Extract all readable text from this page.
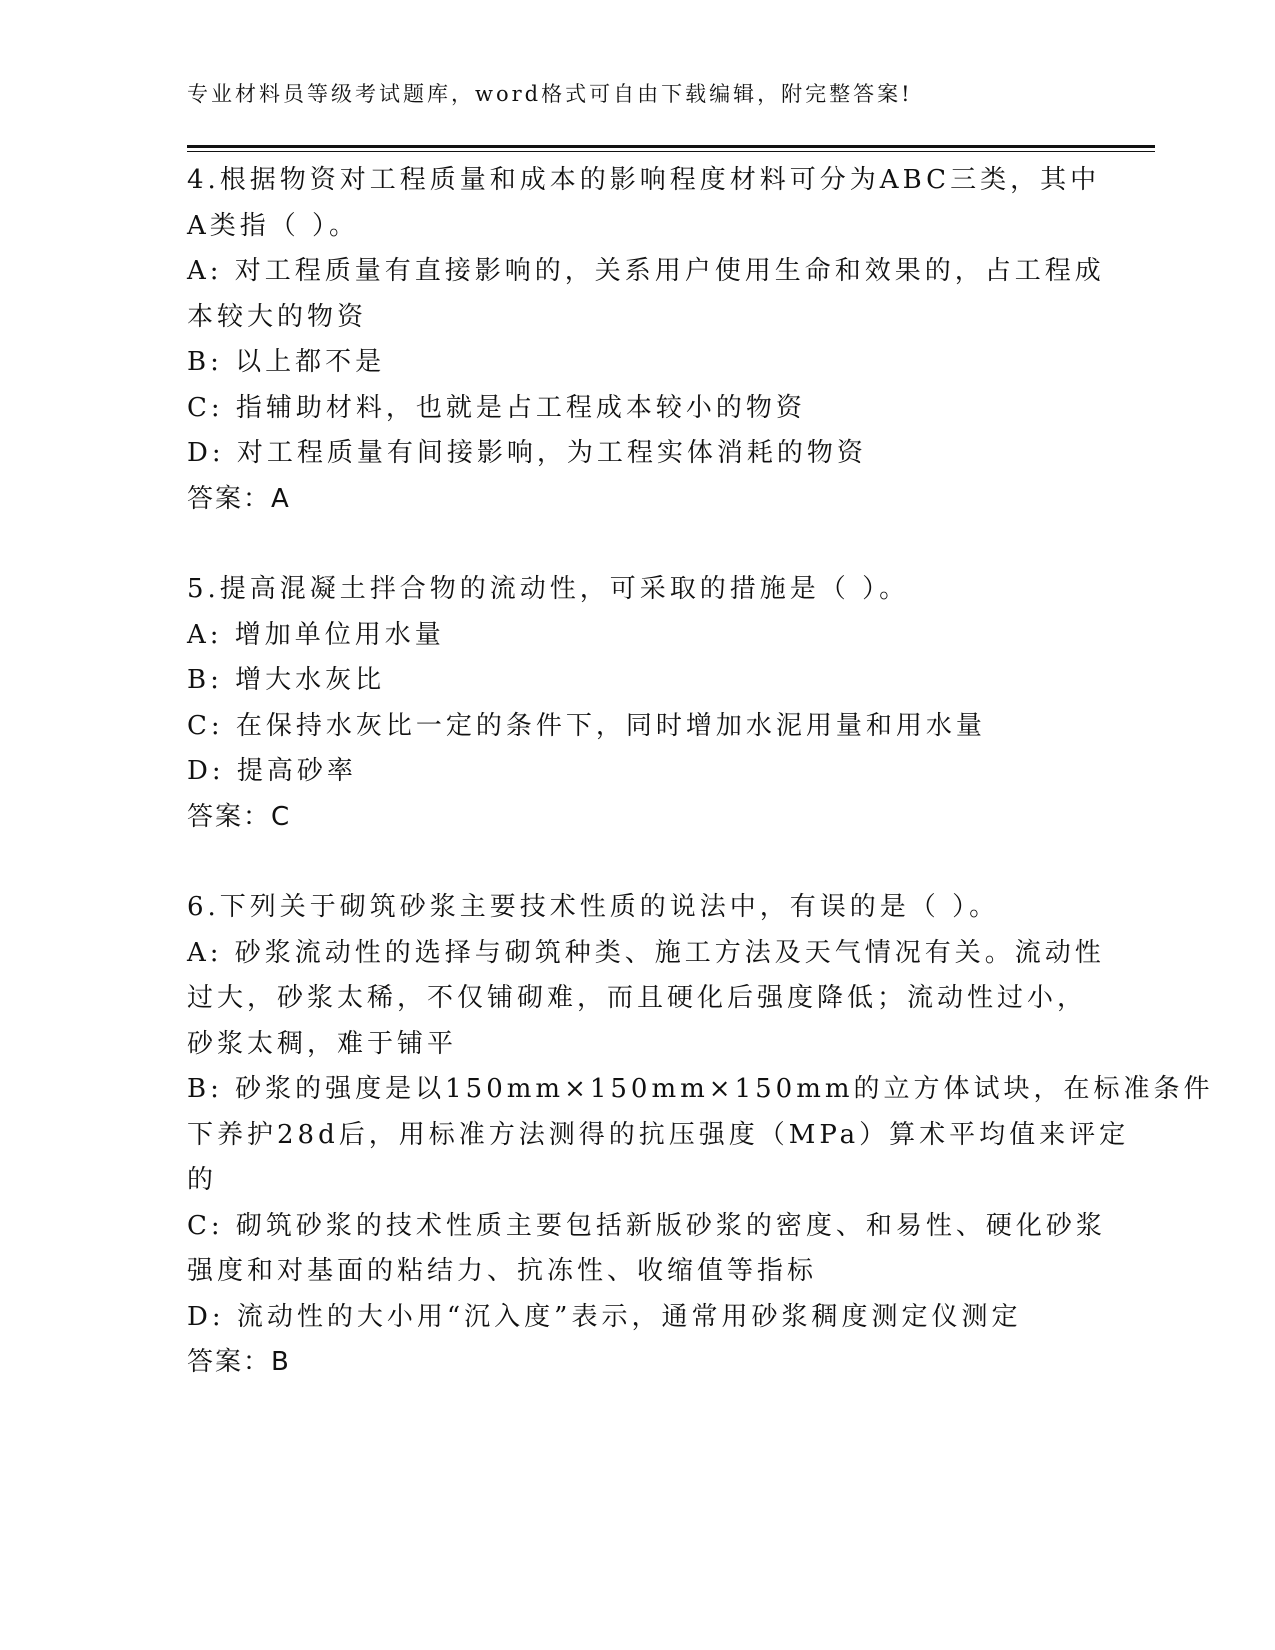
专业材料员等级考试题库，word格式可自由下载编辑，附完整答案!

4.根据物资对工程质量和成本的影响程度材料可分为ABC三类，其中

A类指（ ）。

A: 对工程质量有直接影响的，关系用户使用生命和效果的，占工程成

本较大的物资

B: 以上都不是

C: 指辅助材料，也就是占工程成本较小的物资

D: 对工程质量有间接影响，为工程实体消耗的物资

答案：A

5.提高混凝土拌合物的流动性，可采取的措施是（ ）。

A: 增加单位用水量

B: 增大水灰比

C: 在保持水灰比一定的条件下，同时增加水泥用量和用水量

D: 提高砂率

答案：C

6.下列关于砌筑砂浆主要技术性质的说法中，有误的是（ ）。

A: 砂浆流动性的选择与砌筑种类、施工方法及天气情况有关。流动性

过大，砂浆太稀，不仅铺砌难，而且硬化后强度降低；流动性过小，

砂浆太稠，难于铺平

B: 砂浆的强度是以150mm×150mm×150mm的立方体试块，在标准条件

下养护28d后，用标准方法测得的抗压强度（MPa）算术平均值来评定

的

C: 砌筑砂浆的技术性质主要包括新版砂浆的密度、和易性、硬化砂浆

强度和对基面的粘结力、抗冻性、收缩值等指标

D: 流动性的大小用“沉入度”表示，通常用砂浆稠度测定仪测定

答案：B
